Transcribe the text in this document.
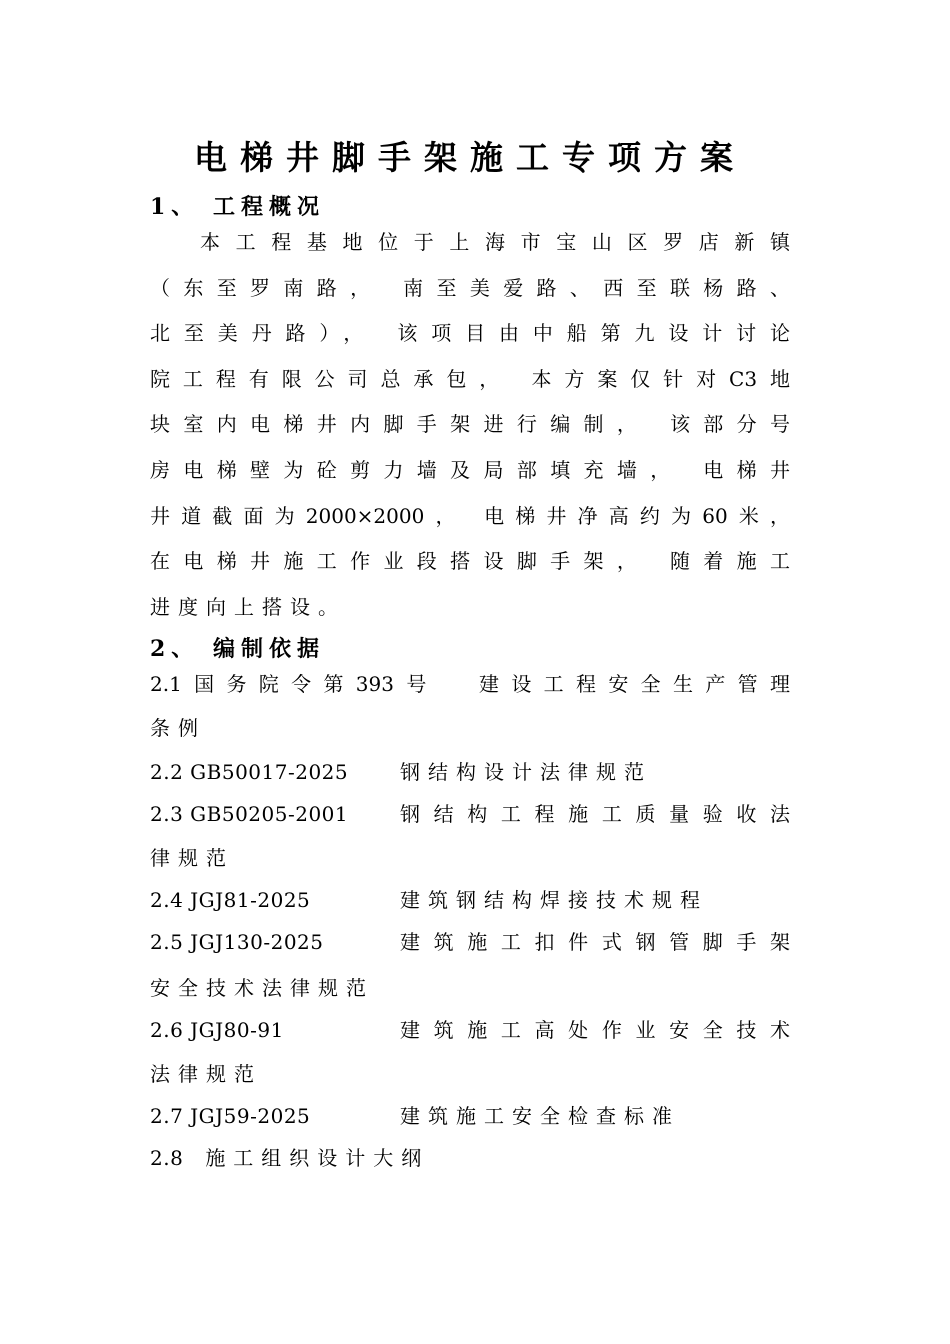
电梯井脚手架施工专项方案
1、 工程概况
本工程基地位于上海市宝山区罗店新镇
（东至罗南路， 南至美爱路、西至联杨路、
北至美丹路）， 该项目由中船第九设计讨论
院工程有限公司总承包， 本方案仅针对C3地
块室内电梯井内脚手架进行编制， 该部分号
房电梯壁为砼剪力墙及局部填充墙， 电梯井
井道截面为2000×2000， 电梯井净高约为60米，
在电梯井施工作业段搭设脚手架， 随着施工
进度向上搭设。
2、 编制依据
2.1国务院令第393号 建设工程安全生产管理
条例
2.2 GB50017-2025	钢结构设计法律规范
2.3 GB50205-2001	钢结构工程施工质量验收法
律规范
2.4 JGJ81-2025	建筑钢结构焊接技术规程
2.5 JGJ130-2025	建筑施工扣件式钢管脚手架
安全技术法律规范
2.6 JGJ80-91	建筑施工高处作业安全技术
法律规范
2.7 JGJ59-2025	建筑施工安全检查标准
2.8 施工组织设计大纲
